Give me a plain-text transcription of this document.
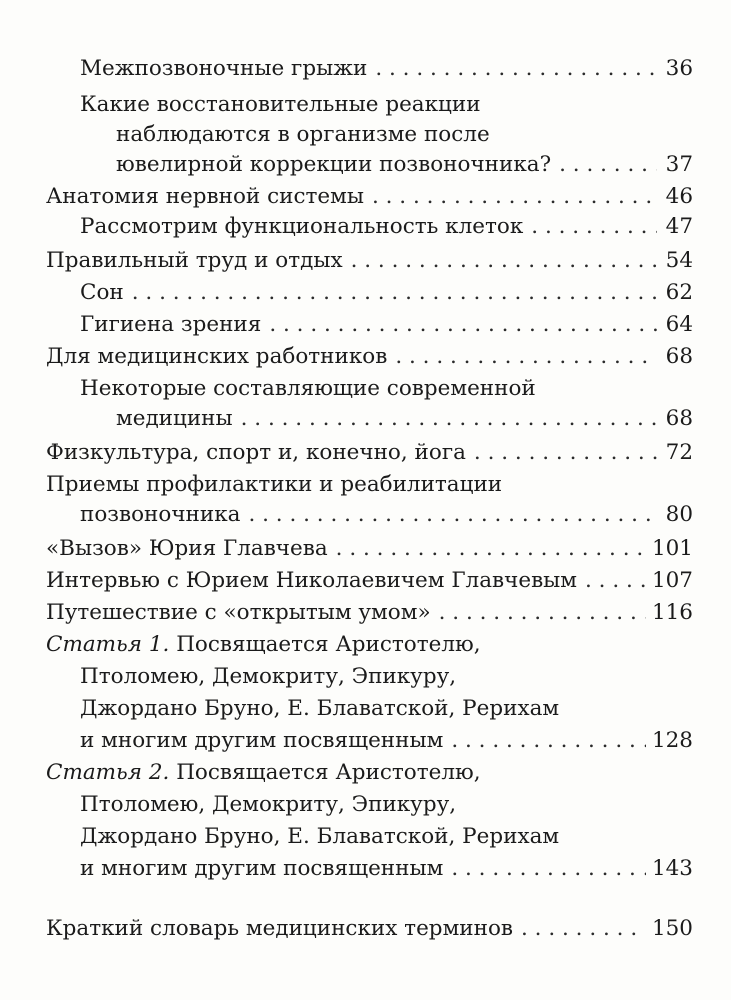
Межпозвоночные грыжи . . .	36
Какие восстановительные реакции
наблюдаются в организме после
ювелирной коррекции позвоночника? . . .	37
Анатомия нервной системы . . .	46
Рассмотрим функциональность клеток . . .	47
Правильный труд и отдых . . .	54
Сон . . .	62
Гигиена зрения . . .	64
Для медицинских работников . . .	68
Некоторые составляющие современной
медицины . . .	68
Физкультура, спорт и, конечно, йога . . .	72
Приемы профилактики и реабилитации
позвоночника . . .	80
«Вызов» Юрия Главчева . . .	101
Интервью с Юрием Николаевичем Главчевым . . .	107
Путешествие с «открытым умом» . . .	116
Статья 1. Посвящается Аристотелю,
Птоломею, Демокриту, Эпикуру,
Джордано Бруно, Е. Блаватской, Рерихам
и многим другим посвященным . . .	128
Статья 2. Посвящается Аристотелю,
Птоломею, Демокриту, Эпикуру,
Джордано Бруно, Е. Блаватской, Рерихам
и многим другим посвященным . . .	143
Краткий словарь медицинских терминов . . .	150
